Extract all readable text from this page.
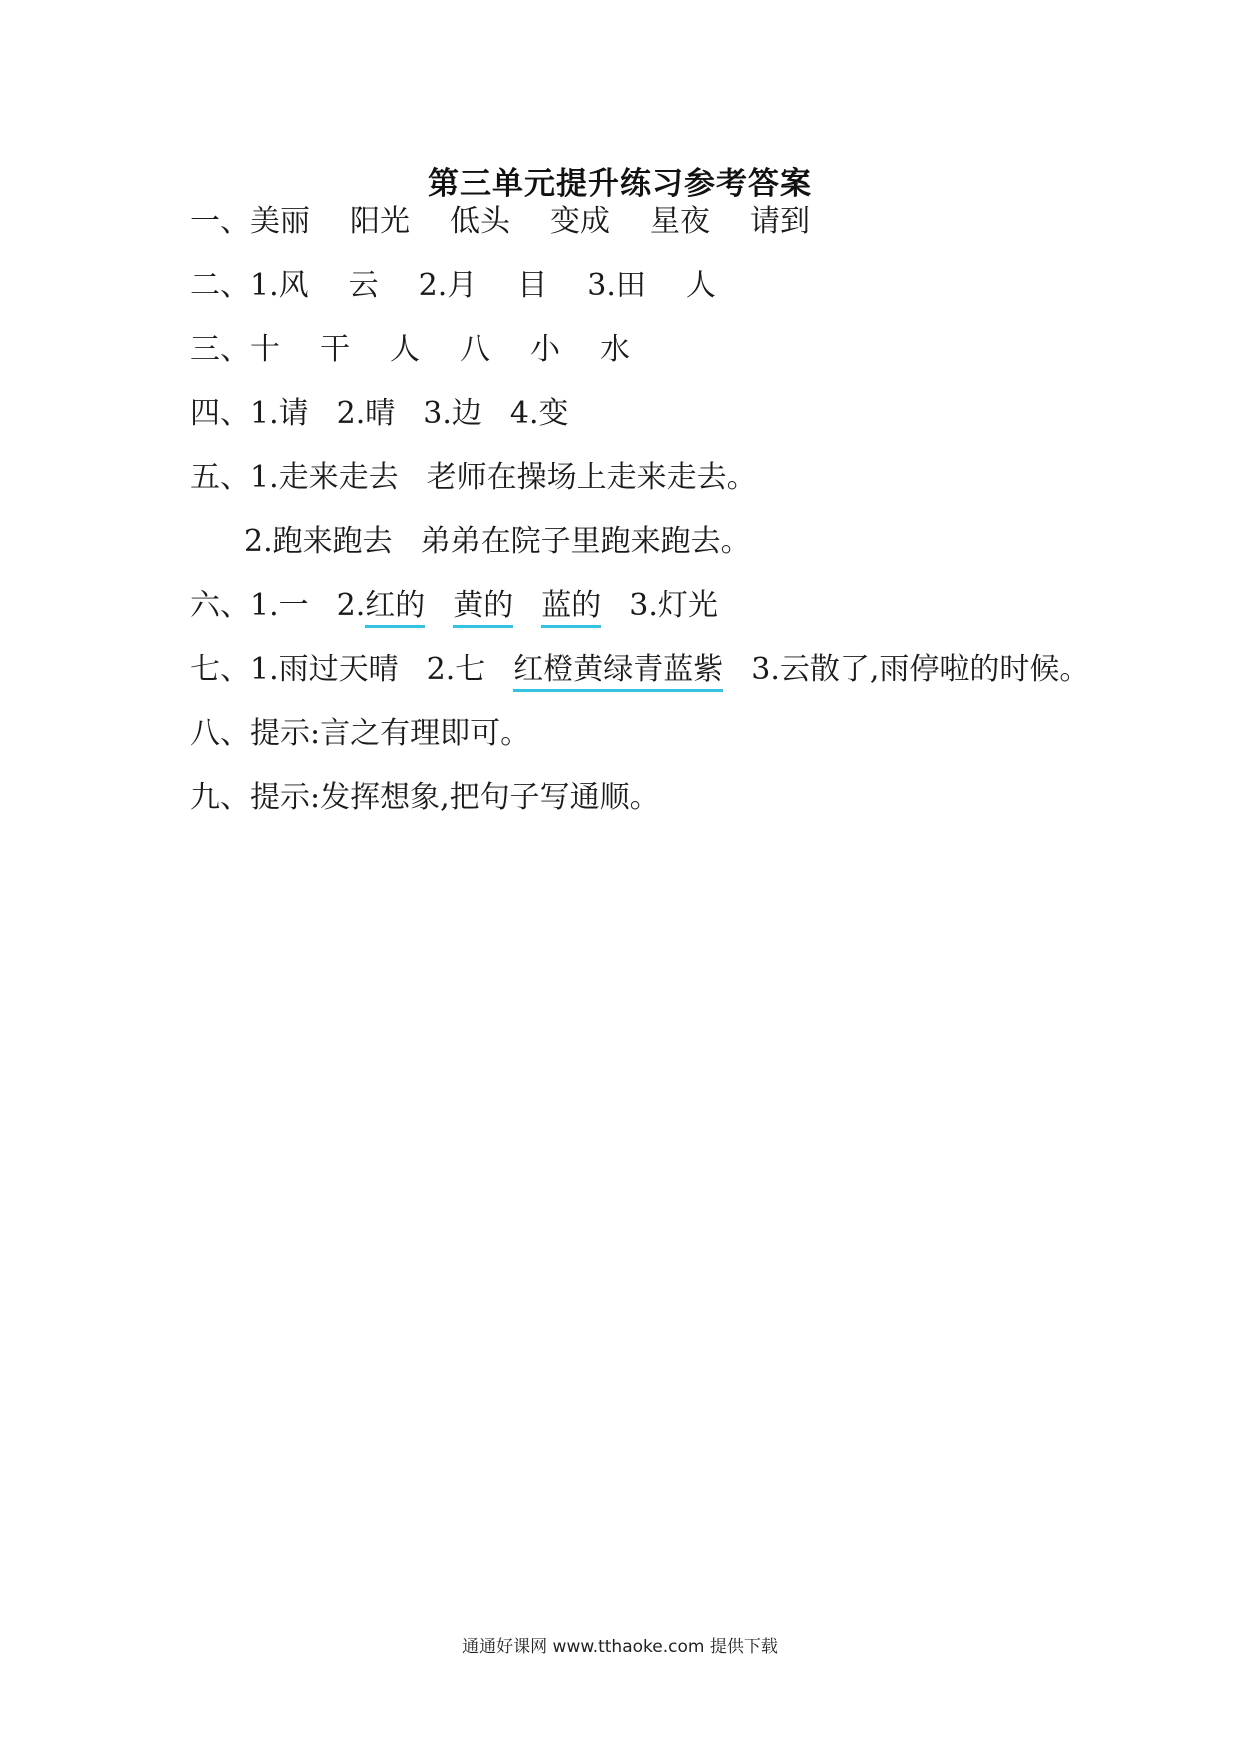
第三单元提升练习参考答案
一、美丽 阳光 低头 变成 星夜 请到
二、1.风 云 2.月 目 3.田 人
三、十 干 人 八 小 水
四、1.请 2.晴 3.边 4.变
五、1.走来走去 老师在操场上走来走去。
2.跑来跑去 弟弟在院子里跑来跑去。
六、1.一 2.红的 黄的 蓝的 3.灯光
七、1.雨过天晴 2.七 红橙黄绿青蓝紫 3.云散了,雨停啦的时候。
八、提示:言之有理即可。
九、提示:发挥想象,把句子写通顺。
通通好课网 www.tthaoke.com 提供下载
